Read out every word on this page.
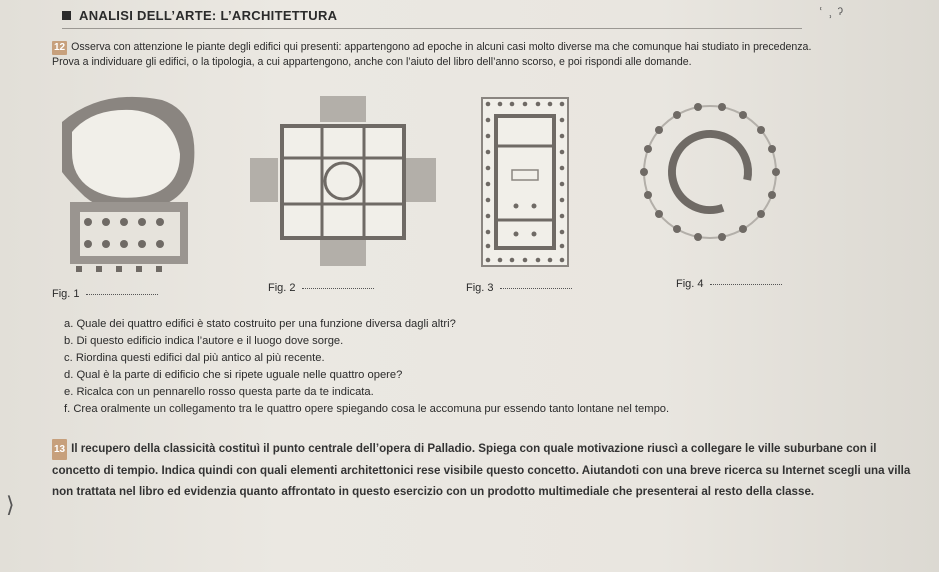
ANALISI DELL’ARTE: L’ARCHITETTURA	ʿ ˒ ˀ
12 Osserva con attenzione le piante degli edifici qui presenti: appartengono ad epoche in alcuni casi molto diverse ma che comunque hai studiato in precedenza. Prova a individuare gli edifici, o la tipologia, a cui appartengono, anche con l’aiuto del libro dell’anno scorso, e poi rispondi alle domande.
Fig. 1	Fig. 2	Fig. 3	Fig. 4
a. Quale dei quattro edifici è stato costruito per una funzione diversa dagli altri?
b. Di questo edificio indica l’autore e il luogo dove sorge.
c. Riordina questi edifici dal più antico al più recente.
d. Qual è la parte di edificio che si ripete uguale nelle quattro opere?
e. Ricalca con un pennarello rosso questa parte da te indicata.
f. Crea oralmente un collegamento tra le quattro opere spiegando cosa le accomuna pur essendo tanto lontane nel tempo.
⟩
13 Il recupero della classicità costituì il punto centrale dell’opera di Palladio. Spiega con quale motivazione riuscì a collegare le ville suburbane con il concetto di tempio. Indica quindi con quali elementi architettonici rese visibile questo concetto. Aiutandoti con una breve ricerca su Internet scegli una villa non trattata nel libro ed evidenzia quanto affrontato in questo esercizio con un prodotto multimediale che presenterai al resto della classe.
